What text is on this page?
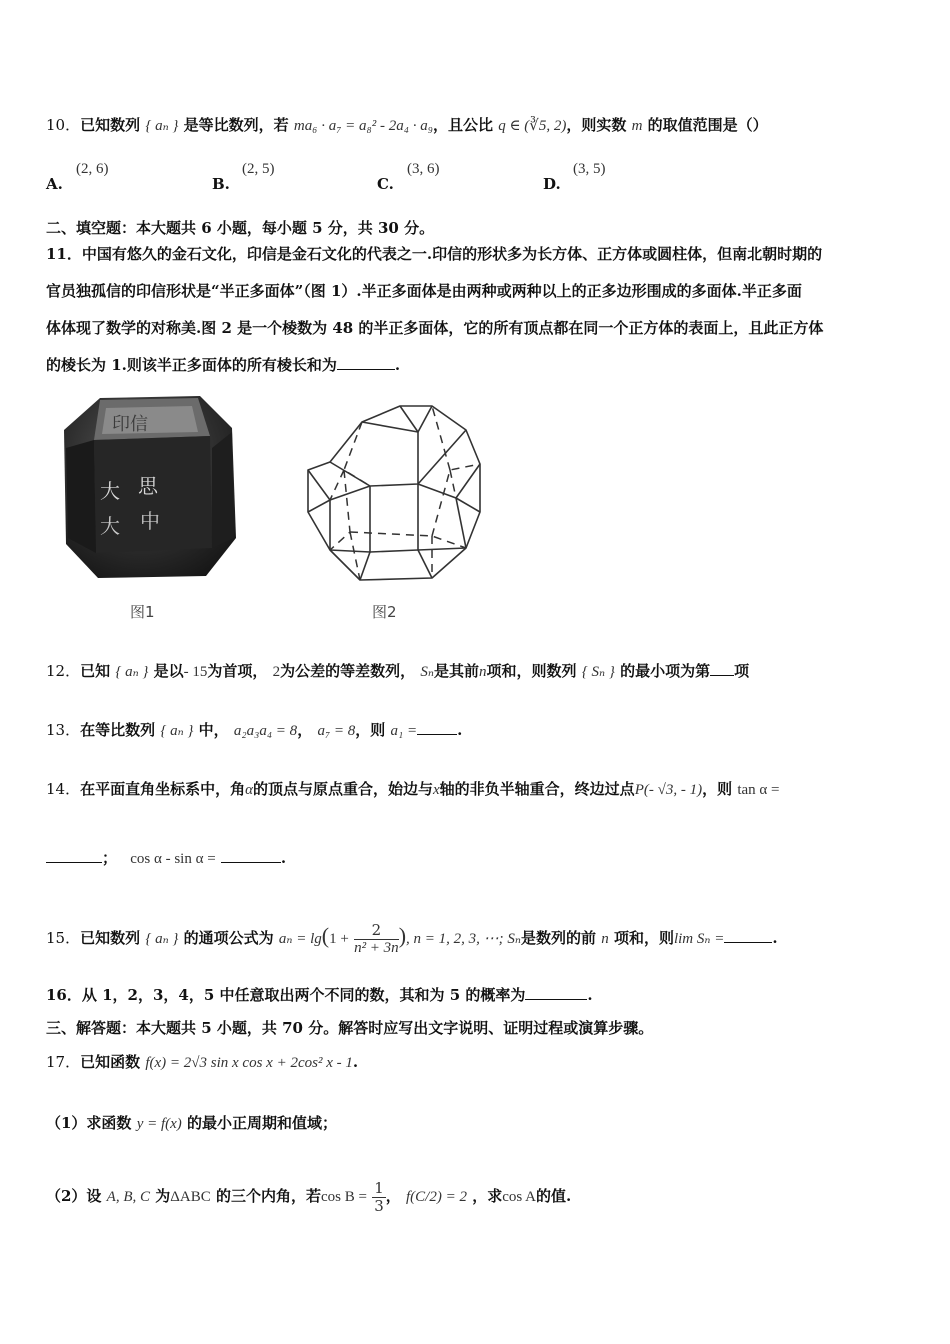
10．已知数列 { aₙ } 是等比数列，若 ma₆ · a₇ = a₈² - 2a₄ · a₉，且公比 q ∈ (∛5, 2)，则实数 m 的取值范围是（）
A.
(2, 6)
B.
(2, 5)
C.
(3, 6)
D.
(3, 5)
二、填空题：本大题共 6 小题，每小题 5 分，共 30 分。
11．中国有悠久的金石文化，印信是金石文化的代表之一.印信的形状多为长方体、正方体或圆柱体，但南北朝时期的
官员独孤信的印信形状是“半正多面体”（图 1）.半正多面体是由两种或两种以上的正多边形围成的多面体.半正多面
体体现了数学的对称美.图 2 是一个棱数为 48 的半正多面体，它的所有顶点都在同一个正方体的表面上，且此正方体
的棱长为 1.则该半正多面体的所有棱长和为	.
大 思
大 中
印信
图1	图2
12．已知 { aₙ } 是以- 15为首项， 2为公差的等差数列， Sₙ是其前n项和，则数列 { Sₙ } 的最小项为第 项
13．在等比数列 { aₙ } 中， a₂a₃a₄ = 8， a₇ = 8，则 a₁ =	.
14．在平面直角坐标系中，角α的顶点与原点重合，始边与x轴的非负半轴重合，终边过点P(- √3, - 1)，则 tan α =
； cos α - sin α =	.
15．已知数列 { aₙ } 的通项公式为 $a_n = \lg(1 + \frac{2}{\text{n² + 3n}}$ ), n = 1, 2, 3, ⋯; Sₙ是数列的前 n 项和，则lim Sₙ =	.
16．从 1，2，3，4，5 中任意取出两个不同的数，其和为 5 的概率为	.
三、解答题：本大题共 5 小题，共 70 分。解答时应写出文字说明、证明过程或演算步骤。
17．已知函数 f(x) = 2√3 sin x cos x + 2cos² x - 1.
（1）求函数 y = f(x) 的最小正周期和值域；
（2）设 A, B, C 为ΔABC 的三个内角，若$\cos B = \frac{1}{3}$ ， f(C/2) = 2 ，求cos A的值.
